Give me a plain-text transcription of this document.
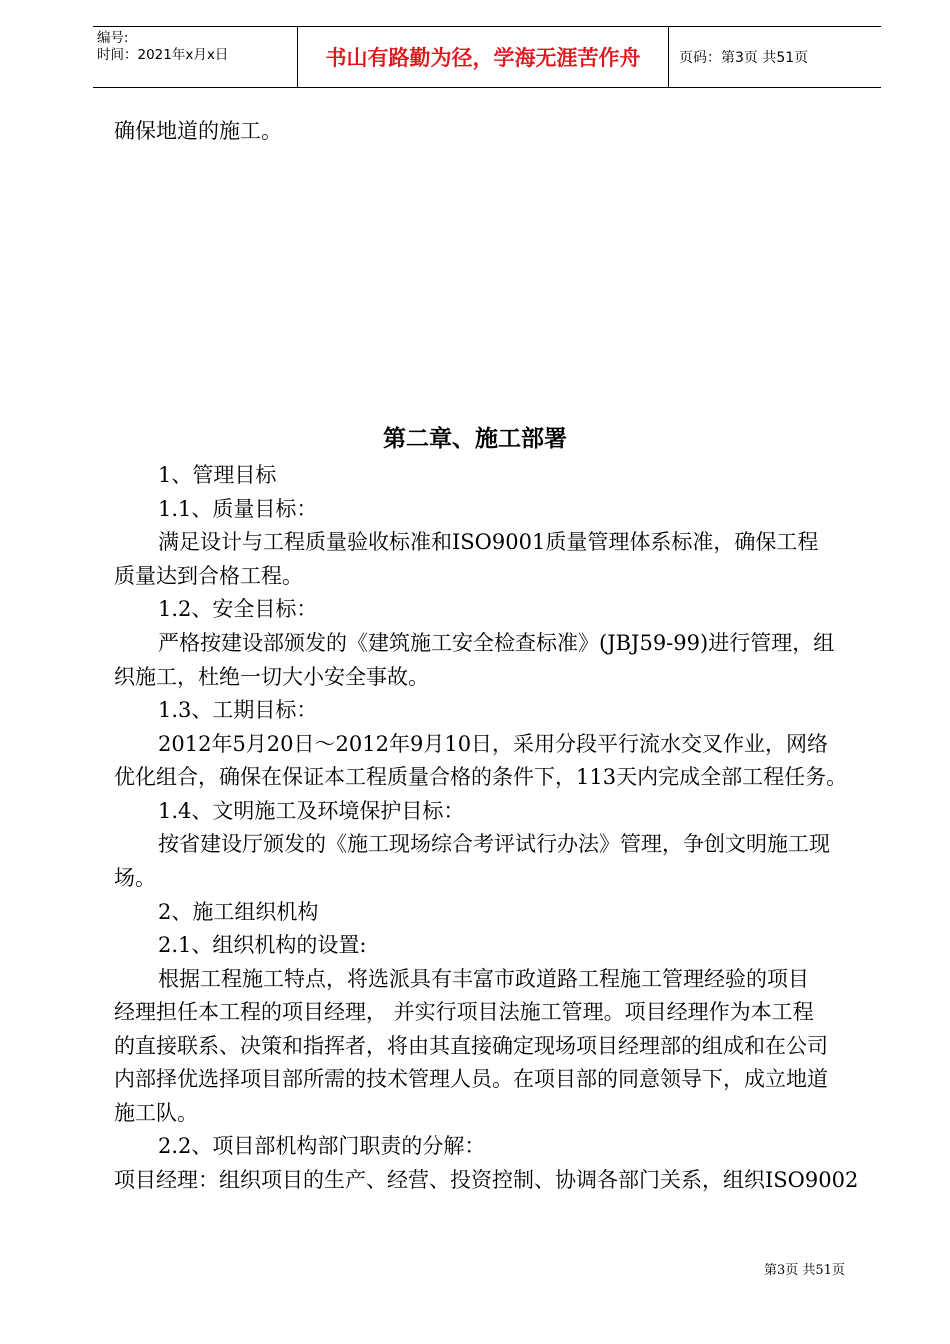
编号:
时间：2021年x月x日	书山有路勤为径，学海无涯苦作舟	页码：第3页 共51页
确保地道的施工。
第二章、施工部署
1、管理目标
1.1、质量目标：
满足设计与工程质量验收标准和ISO9001质量管理体系标准，确保工程
质量达到合格工程。
1.2、安全目标：
严格按建设部颁发的《建筑施工安全检查标准》(JBJ59-99)进行管理，组
织施工，杜绝一切大小安全事故。
1.3、工期目标：
2012年5月20日～2012年9月10日，采用分段平行流水交叉作业，网络
优化组合，确保在保证本工程质量合格的条件下，113天内完成全部工程任务。
1.4、文明施工及环境保护目标：
按省建设厅颁发的《施工现场综合考评试行办法》管理，争创文明施工现
场。
2、施工组织机构
2.1、组织机构的设置:
根据工程施工特点，将选派具有丰富市政道路工程施工管理经验的项目
经理担任本工程的项目经理， 并实行项目法施工管理。项目经理作为本工程
的直接联系、决策和指挥者，将由其直接确定现场项目经理部的组成和在公司
内部择优选择项目部所需的技术管理人员。在项目部的同意领导下，成立地道
施工队。
2.2、项目部机构部门职责的分解：
项目经理：组织项目的生产、经营、投资控制、协调各部门关系，组织ISO9002
第3页 共51页
